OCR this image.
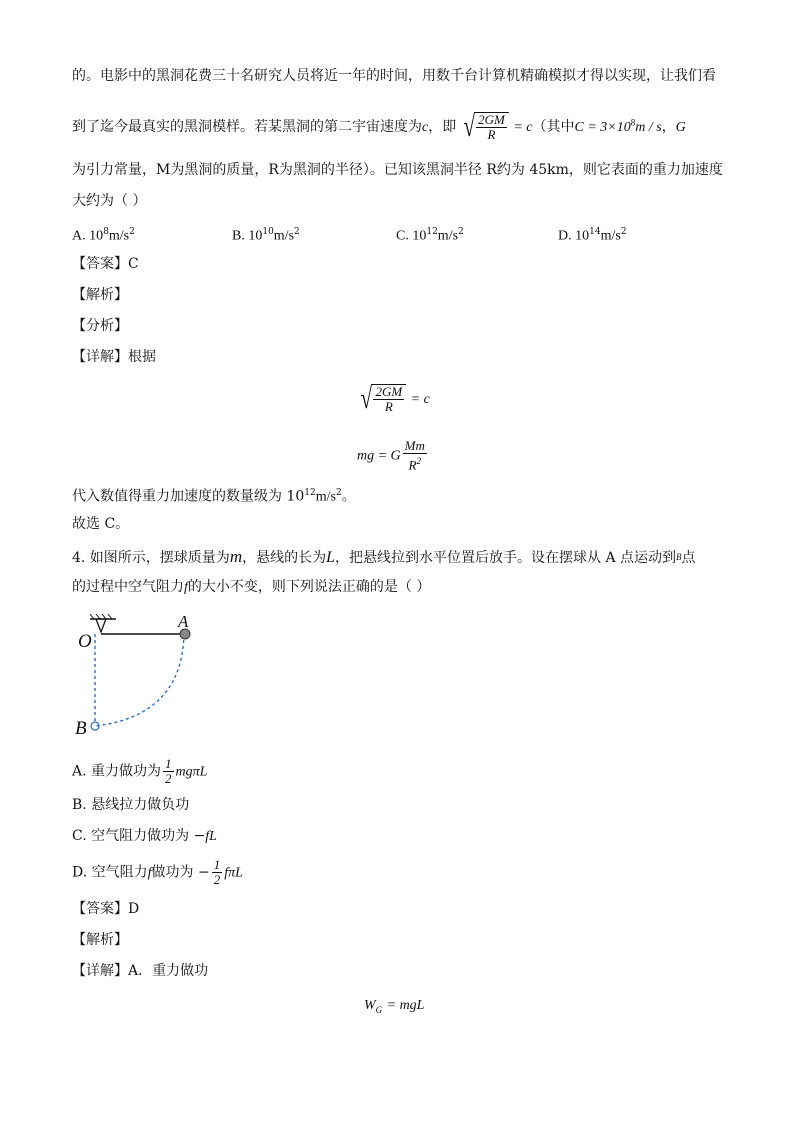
的。电影中的黑洞花费三十名研究人员将近一年的时间，用数千台计算机精确模拟才得以实现，让我们看
到了迄今最真实的黑洞模样。若某黑洞的第二宇宙速度为c，即 √ $\frac{2GM}{R} = c$（其中$C = 3\times 10^8m / s$，G
为引力常量，M为黑洞的质量，R为黑洞的半径）。已知该黑洞半径 R约为 45km，则它表面的重力加速度
大约为（ ）
A. $10^8m/s^2$	B. $10^{10}m/s^2$	C. $10^{12}m/s^2$	D. $10^{14}m/s^2$
【答案】C
【解析】
【分析】
【详解】根据
√ $\frac{2GM}{R} = c$
mg = G $\frac{Mm}{R^2}$
代入数值得重力加速度的数量级为 $10^{12}m/s^2$。
故选 C。
4. 如图所示，摆球质量为m，悬线的长为L，把悬线拉到水平位置后放手。设在摆球从 A 点运动到$^B$点
的过程中空气阻力f的大小不变，则下列说法正确的是（ ）
O
A
B
A. 重力做功为 $\frac{1}{2}$ mgπL
B. 悬线拉力做负功
C. 空气阻力做功为 −fL
D. 空气阻力f做功为 − $\frac{1}{2}$ fπL
【答案】D
【解析】
【详解】A．重力做功
$W_G$ = mgL
